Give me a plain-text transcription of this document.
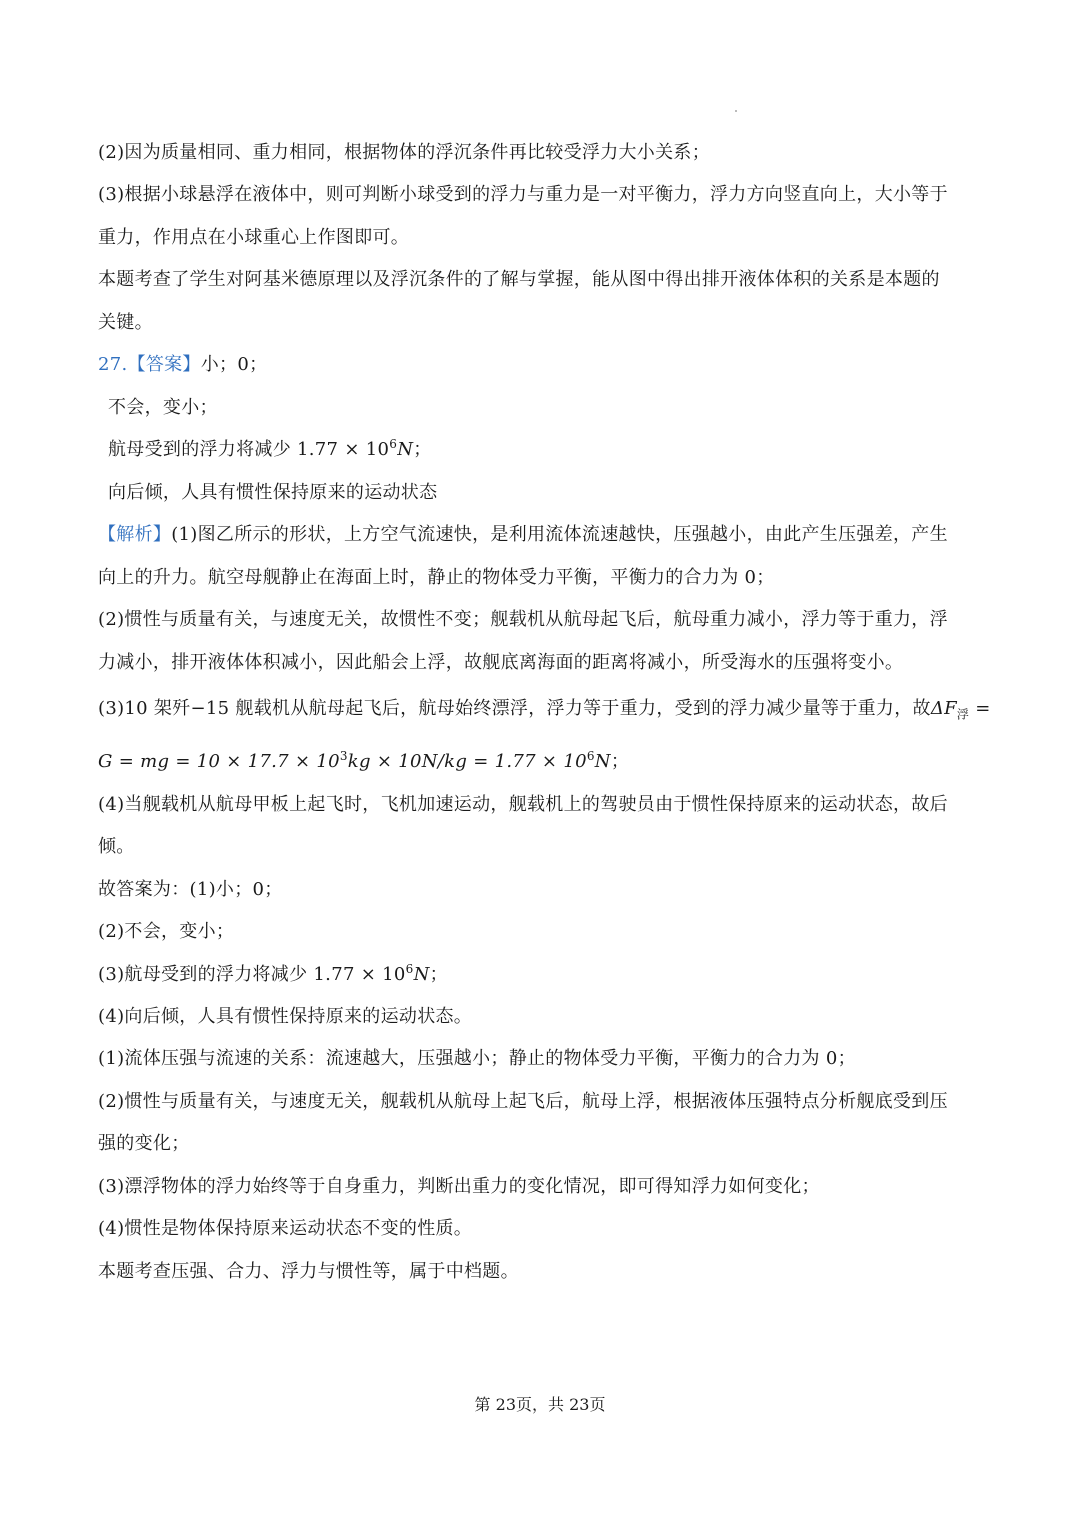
(2)因为质量相同、重力相同，根据物体的浮沉条件再比较受浮力大小关系；
(3)根据小球悬浮在液体中，则可判断小球受到的浮力与重力是一对平衡力，浮力方向竖直向上，大小等于
重力，作用点在小球重心上作图即可。
本题考查了学生对阿基米德原理以及浮沉条件的了解与掌握，能从图中得出排开液体体积的关系是本题的
关键。
27.【答案】小；0；
不会，变小；
航母受到的浮力将减少 $1.77 \times 10^6N$；
向后倾，人具有惯性保持原来的运动状态
【解析】(1)图乙所示的形状，上方空气流速快，是利用流体流速越快，压强越小，由此产生压强差，产生
向上的升力。航空母舰静止在海面上时，静止的物体受力平衡，平衡力的合力为 0；
(2)惯性与质量有关，与速度无关，故惯性不变；舰载机从航母起飞后，航母重力减小，浮力等于重力，浮
力减小，排开液体体积减小，因此船会上浮，故舰底离海面的距离将减小，所受海水的压强将变小。
(3)10 架歼−15 舰载机从航母起飞后，航母始终漂浮，浮力等于重力，受到的浮力减少量等于重力，故$\Delta F_浮$ =
G = mg = $10 \times 17.7 \times 10^3kg \times 10N/kg = 1.77 \times 10^6N$；
(4)当舰载机从航母甲板上起飞时，飞机加速运动，舰载机上的驾驶员由于惯性保持原来的运动状态，故后
倾。
故答案为：(1)小；0；
(2)不会，变小；
(3)航母受到的浮力将减少 $1.77 \times 10^6N$；
(4)向后倾，人具有惯性保持原来的运动状态。
(1)流体压强与流速的关系：流速越大，压强越小；静止的物体受力平衡，平衡力的合力为 0；
(2)惯性与质量有关，与速度无关，舰载机从航母上起飞后，航母上浮，根据液体压强特点分析舰底受到压
强的变化；
(3)漂浮物体的浮力始终等于自身重力，判断出重力的变化情况，即可得知浮力如何变化；
(4)惯性是物体保持原来运动状态不变的性质。
本题考查压强、合力、浮力与惯性等，属于中档题。
第 23页，共 23页
